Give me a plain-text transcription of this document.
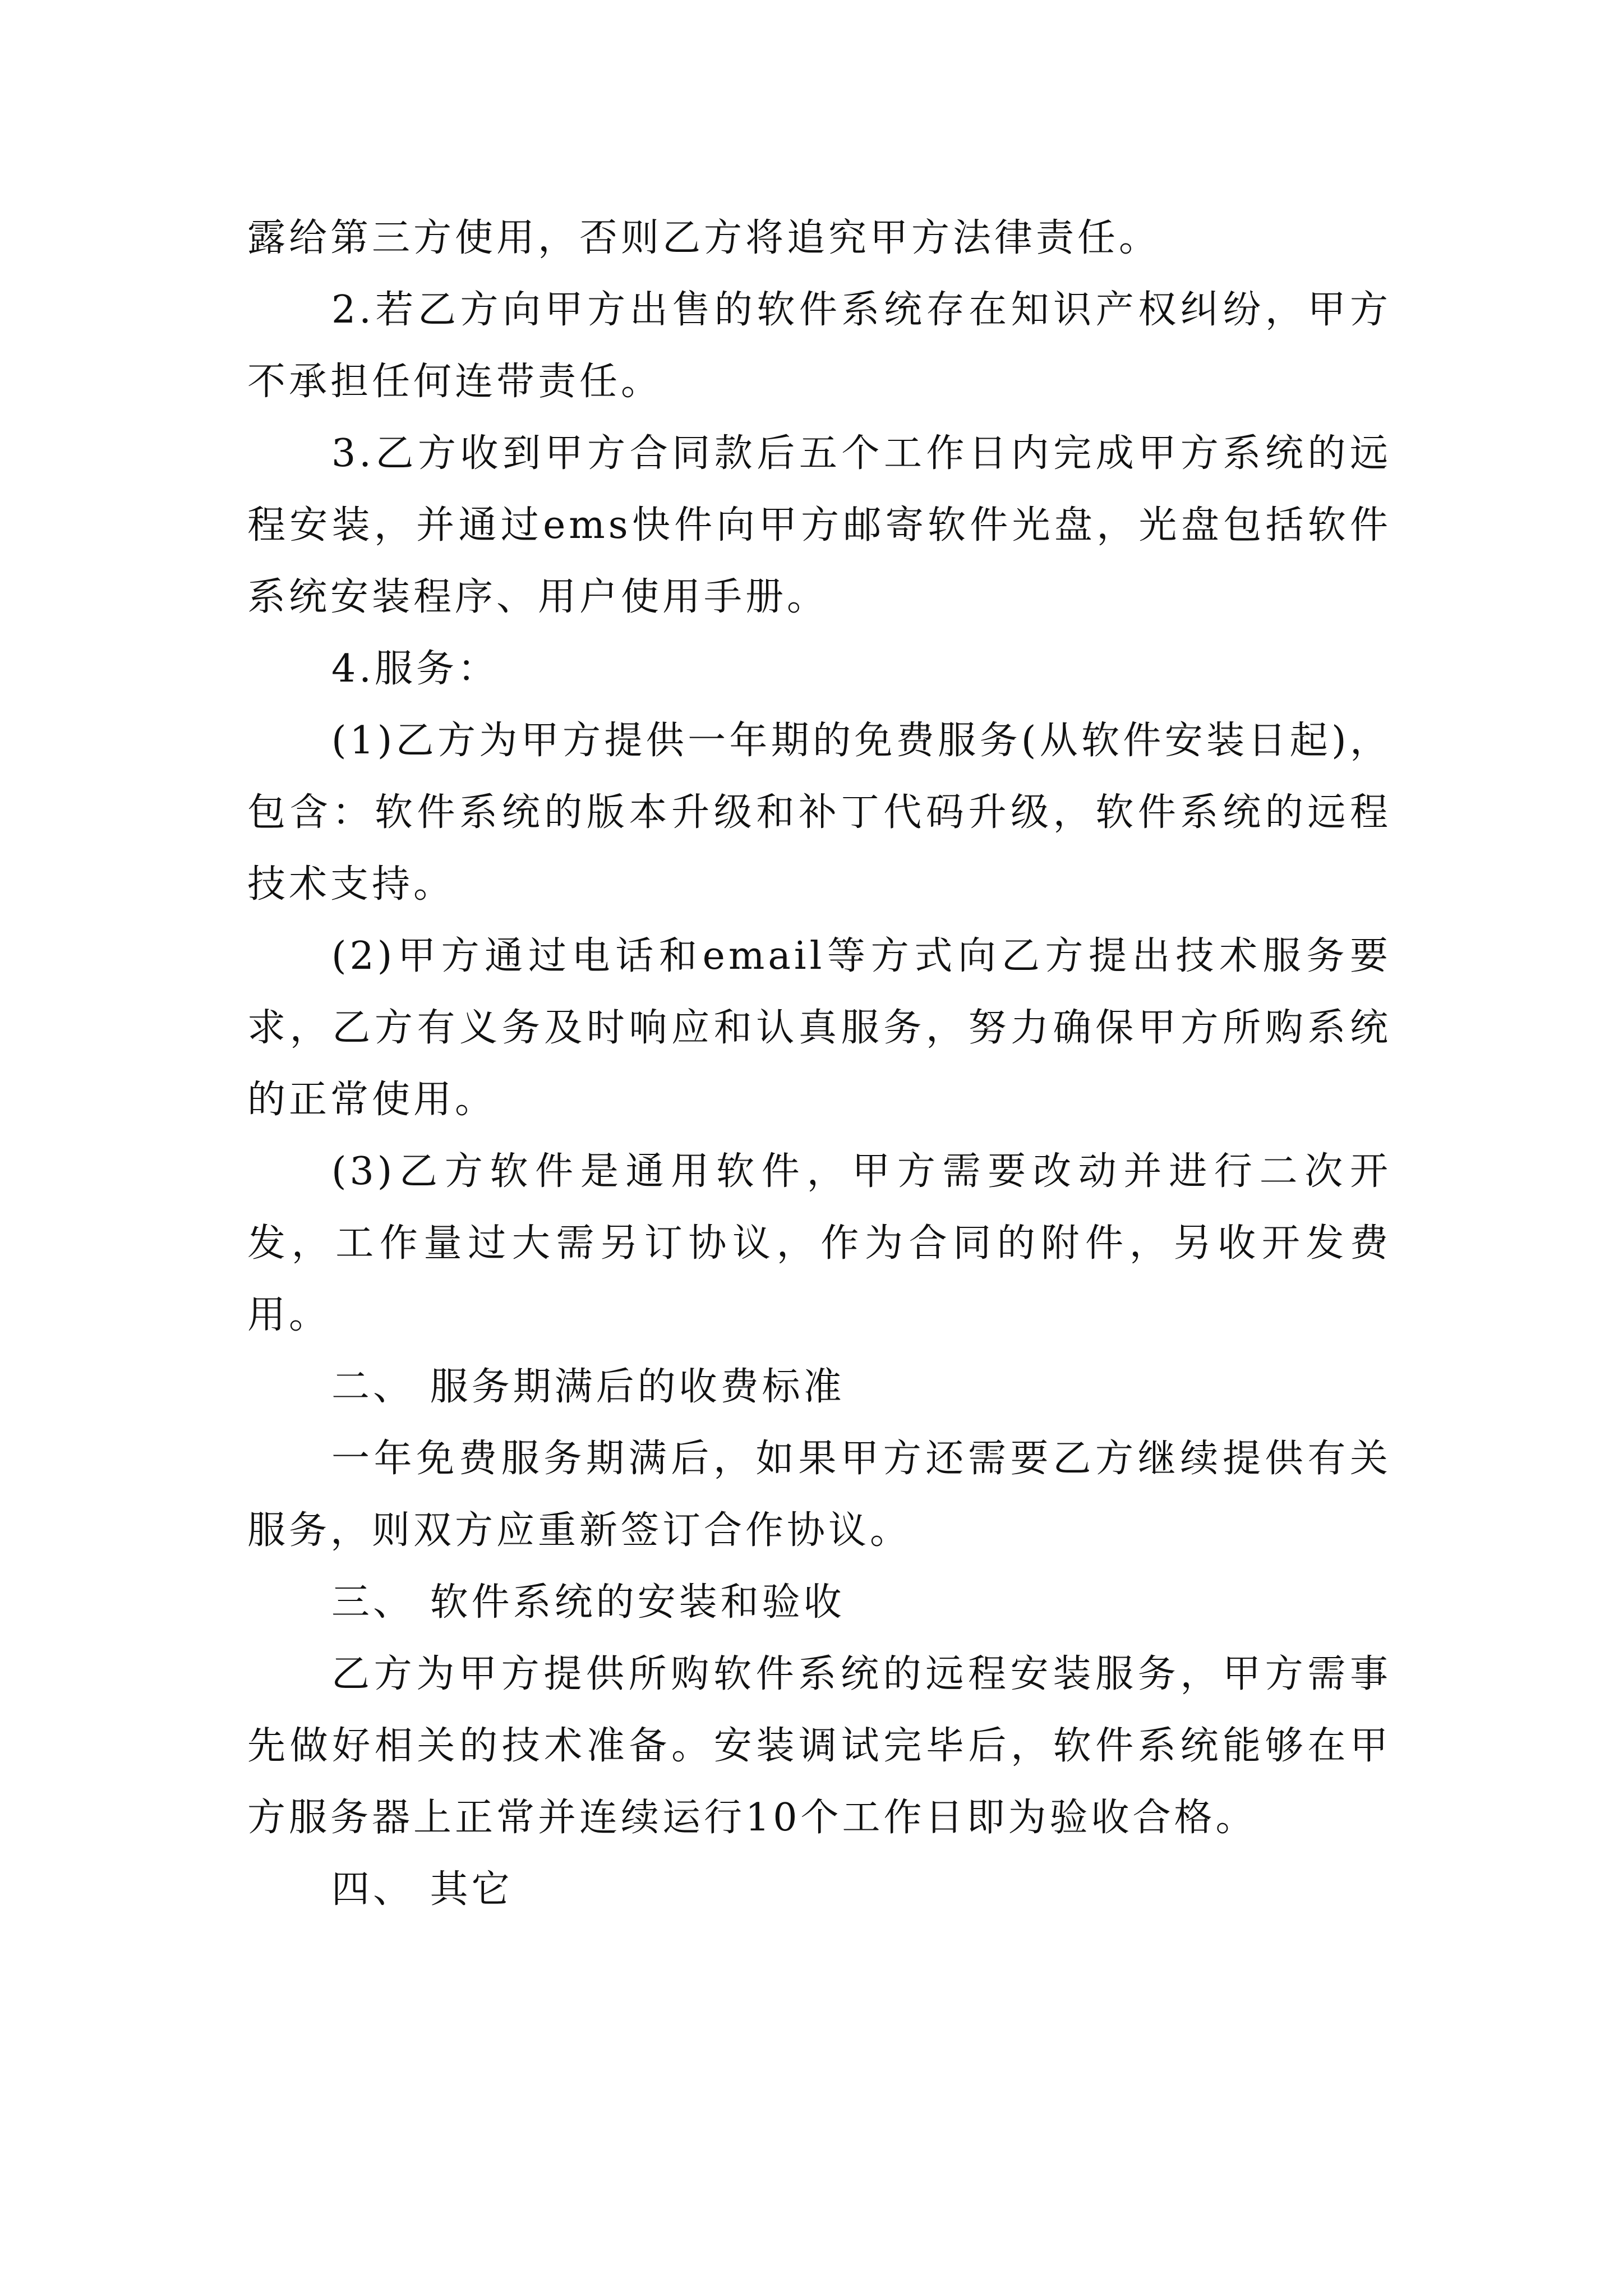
露给第三方使用，否则乙方将追究甲方法律责任。

2.若乙方向甲方出售的软件系统存在知识产权纠纷，甲方不承担任何连带责任。

3.乙方收到甲方合同款后五个工作日内完成甲方系统的远程安装，并通过ems快件向甲方邮寄软件光盘，光盘包括软件系统安装程序、用户使用手册。

4.服务：

(1)乙方为甲方提供一年期的免费服务(从软件安装日起)，包含：软件系统的版本升级和补丁代码升级，软件系统的远程技术支持。

(2)甲方通过电话和email等方式向乙方提出技术服务要求，乙方有义务及时响应和认真服务，努力确保甲方所购系统的正常使用。

(3)乙方软件是通用软件，甲方需要改动并进行二次开发，工作量过大需另订协议，作为合同的附件，另收开发费用。

二、 服务期满后的收费标准

一年免费服务期满后，如果甲方还需要乙方继续提供有关服务，则双方应重新签订合作协议。

三、 软件系统的安装和验收

乙方为甲方提供所购软件系统的远程安装服务，甲方需事先做好相关的技术准备。安装调试完毕后，软件系统能够在甲方服务器上正常并连续运行10个工作日即为验收合格。

四、 其它
